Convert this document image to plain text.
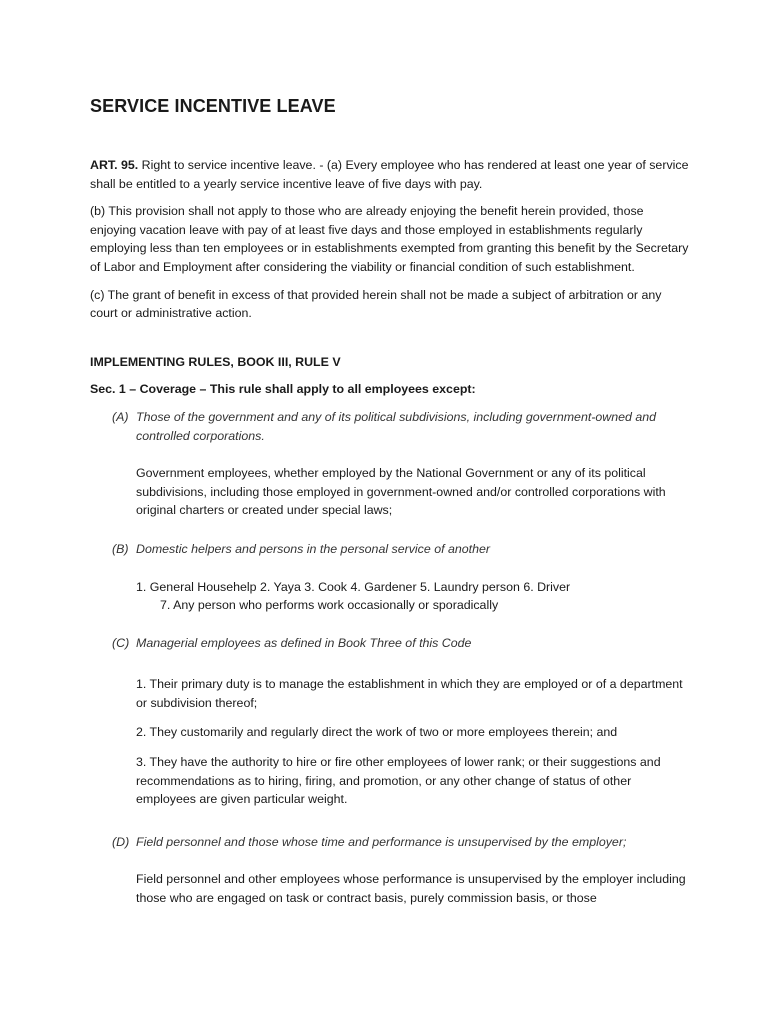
SERVICE INCENTIVE LEAVE

ART. 95. Right to service incentive leave. - (a) Every employee who has rendered at least one year of service shall be entitled to a yearly service incentive leave of five days with pay.

(b) This provision shall not apply to those who are already enjoying the benefit herein provided, those enjoying vacation leave with pay of at least five days and those employed in establishments regularly employing less than ten employees or in establishments exempted from granting this benefit by the Secretary of Labor and Employment after considering the viability or financial condition of such establishment.

(c) The grant of benefit in excess of that provided herein shall not be made a subject of arbitration or any court or administrative action.

IMPLEMENTING RULES, BOOK III, RULE V

Sec. 1 – Coverage – This rule shall apply to all employees except:

(A) Those of the government and any of its political subdivisions, including government-owned and controlled corporations.

Government employees, whether employed by the National Government or any of its political subdivisions, including those employed in government-owned and/or controlled corporations with original charters or created under special laws;

(B) Domestic helpers and persons in the personal service of another
1. General Househelp 2. Yaya 3. Cook 4. Gardener 5. Laundry person 6. Driver
7. Any person who performs work occasionally or sporadically
(C) Managerial employees as defined in Book Three of this Code

1. Their primary duty is to manage the establishment in which they are employed or of a department or subdivision thereof;

2. They customarily and regularly direct the work of two or more employees therein; and

3. They have the authority to hire or fire other employees of lower rank; or their suggestions and recommendations as to hiring, firing, and promotion, or any other change of status of other employees are given particular weight.

(D) Field personnel and those whose time and performance is unsupervised by the employer;

Field personnel and other employees whose performance is unsupervised by the employer including those who are engaged on task or contract basis, purely commission basis, or those
